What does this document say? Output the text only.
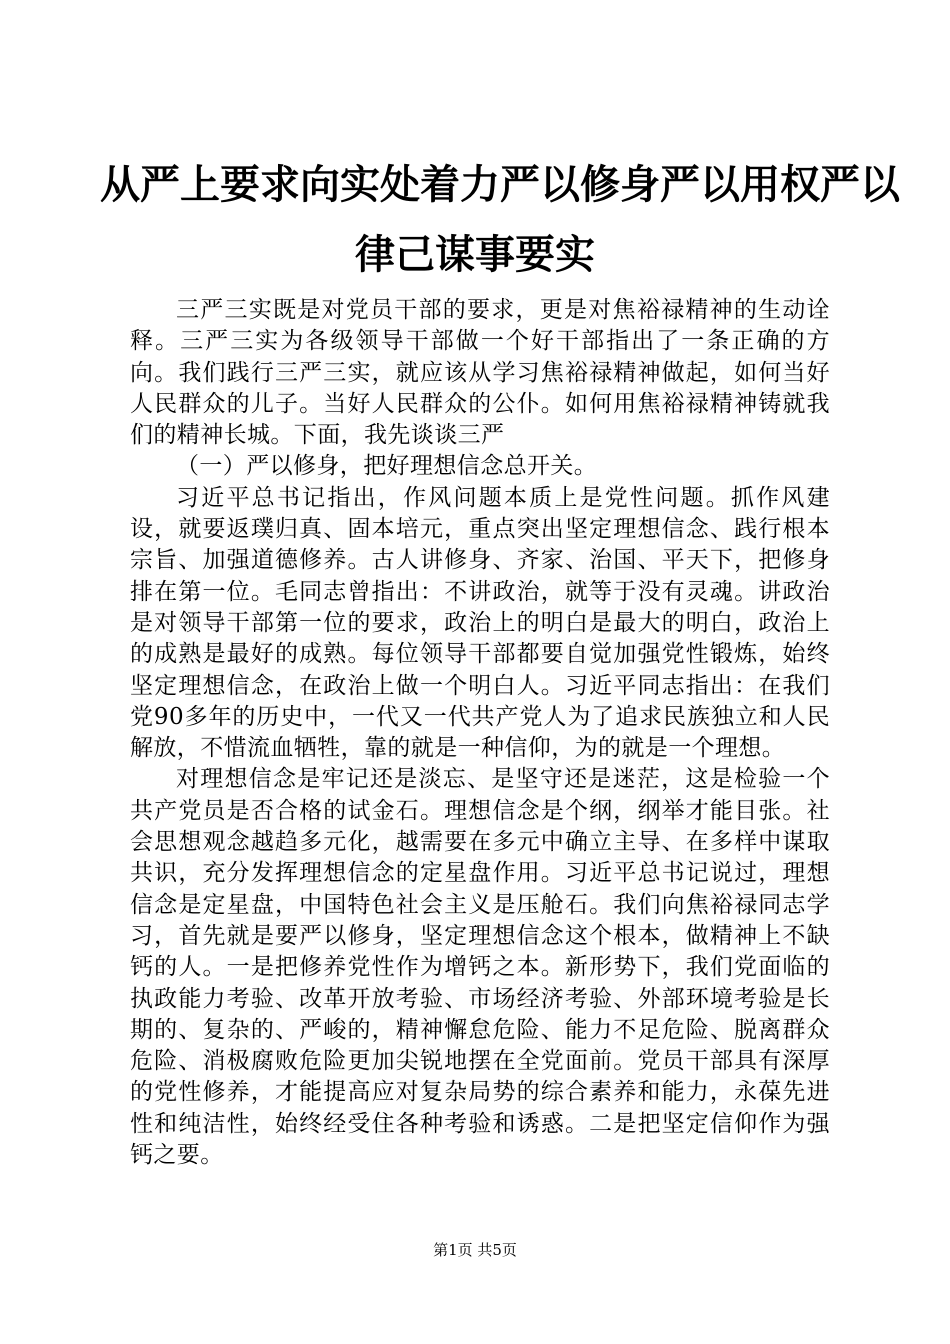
从严上要求向实处着力严以修身严以用权严以
律己谋事要实

三严三实既是对党员干部的要求，更是对焦裕禄精神的生动诠释。三严三实为各级领导干部做一个好干部指出了一条正确的方向。我们践行三严三实，就应该从学习焦裕禄精神做起，如何当好人民群众的儿子。当好人民群众的公仆。如何用焦裕禄精神铸就我们的精神长城。下面，我先谈谈三严

（一）严以修身，把好理想信念总开关。

习近平总书记指出，作风问题本质上是党性问题。抓作风建设，就要返璞归真、固本培元，重点突出坚定理想信念、践行根本宗旨、加强道德修养。古人讲修身、齐家、治国、平天下，把修身排在第一位。毛同志曾指出：不讲政治，就等于没有灵魂。讲政治是对领导干部第一位的要求，政治上的明白是最大的明白，政治上的成熟是最好的成熟。每位领导干部都要自觉加强党性锻炼，始终坚定理想信念，在政治上做一个明白人。习近平同志指出：在我们党90多年的历史中，一代又一代共产党人为了追求民族独立和人民解放，不惜流血牺牲，靠的就是一种信仰，为的就是一个理想。

对理想信念是牢记还是淡忘、是坚守还是迷茫，这是检验一个共产党员是否合格的试金石。理想信念是个纲，纲举才能目张。社会思想观念越趋多元化，越需要在多元中确立主导、在多样中谋取共识，充分发挥理想信念的定星盘作用。习近平总书记说过，理想信念是定星盘，中国特色社会主义是压舱石。我们向焦裕禄同志学习，首先就是要严以修身，坚定理想信念这个根本，做精神上不缺钙的人。一是把修养党性作为增钙之本。新形势下，我们党面临的执政能力考验、改革开放考验、市场经济考验、外部环境考验是长期的、复杂的、严峻的，精神懈怠危险、能力不足危险、脱离群众危险、消极腐败危险更加尖锐地摆在全党面前。党员干部具有深厚的党性修养，才能提高应对复杂局势的综合素养和能力，永葆先进性和纯洁性，始终经受住各种考验和诱惑。二是把坚定信仰作为强钙之要。

第1页 共5页
